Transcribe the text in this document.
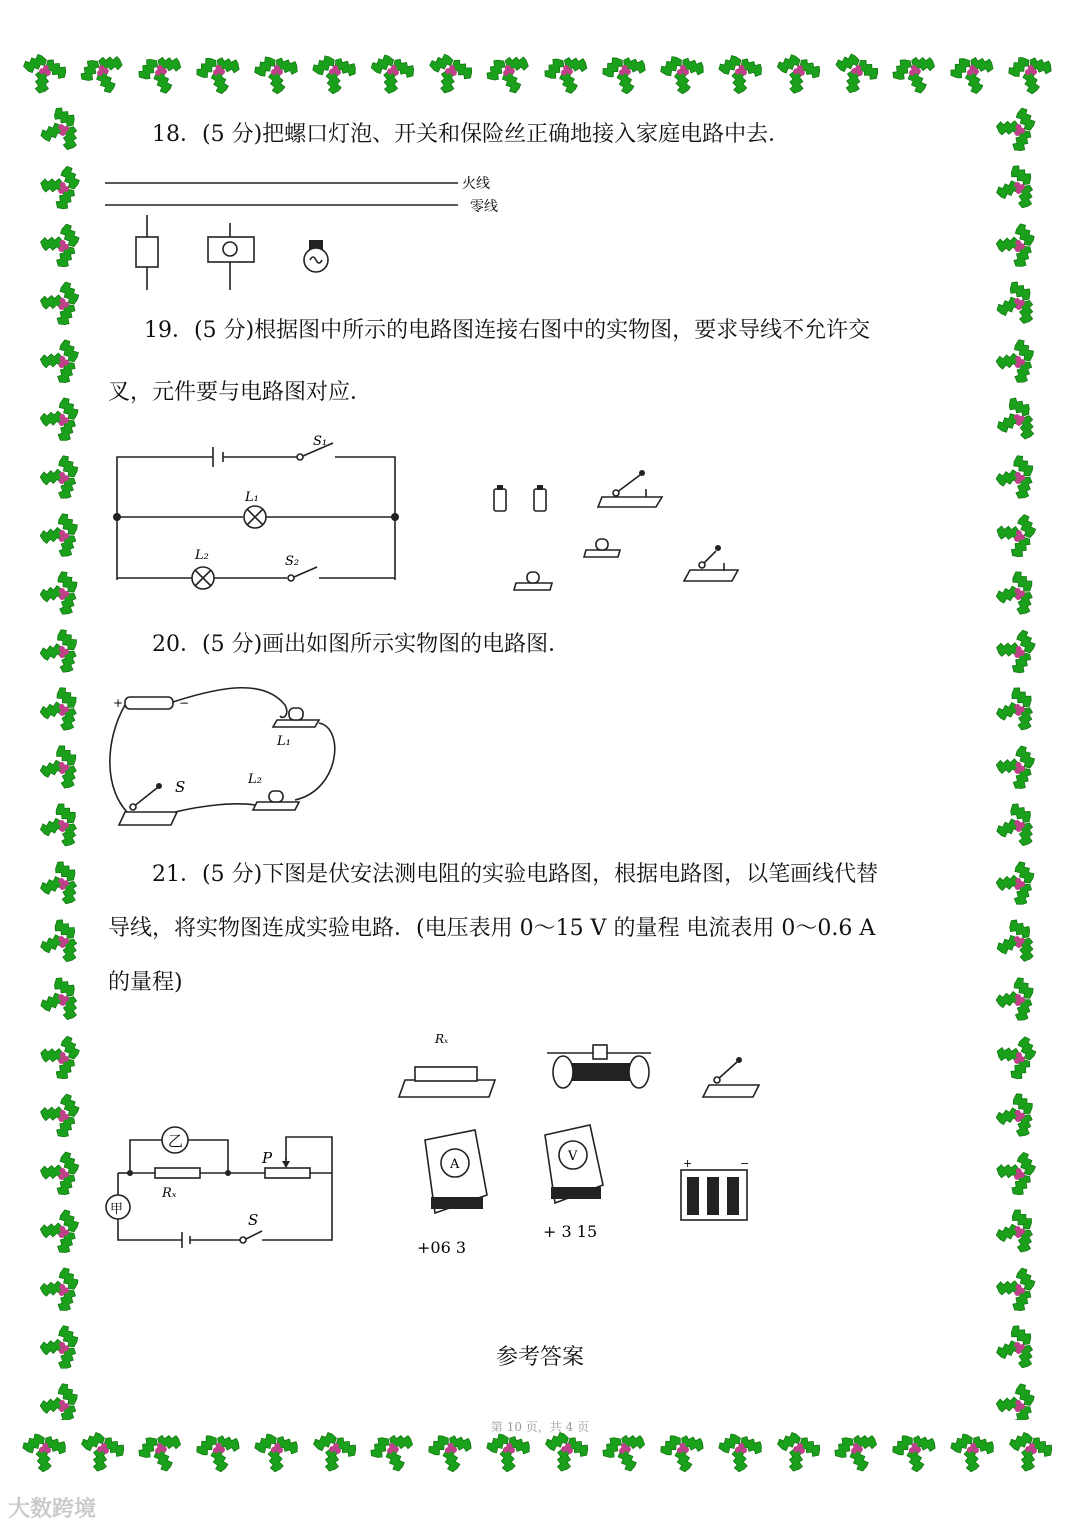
18．(5 分)把螺口灯泡、开关和保险丝正确地接入家庭电路中去．

火线
零线

19．(5 分)根据图中所示的电路图连接右图中的实物图，要求导线不允许交

叉，元件要与电路图对应．

S₁
L₁
L₂	S₂

20．(5 分)画出如图所示实物图的电路图．

+	−
L₁
L₂
S

21．(5 分)下图是伏安法测电阻的实验电路图，根据电路图，以笔画线代替

导线，将实物图连成实验电路．(电压表用 0～15 V 的量程 电流表用 0～0.6 A

的量程)

乙
P
Rₓ
甲
S
Rₓ
A
+06 3
V
+ 3 15
+	−
参考答案
第 10 页，共 4 页
大数跨境
